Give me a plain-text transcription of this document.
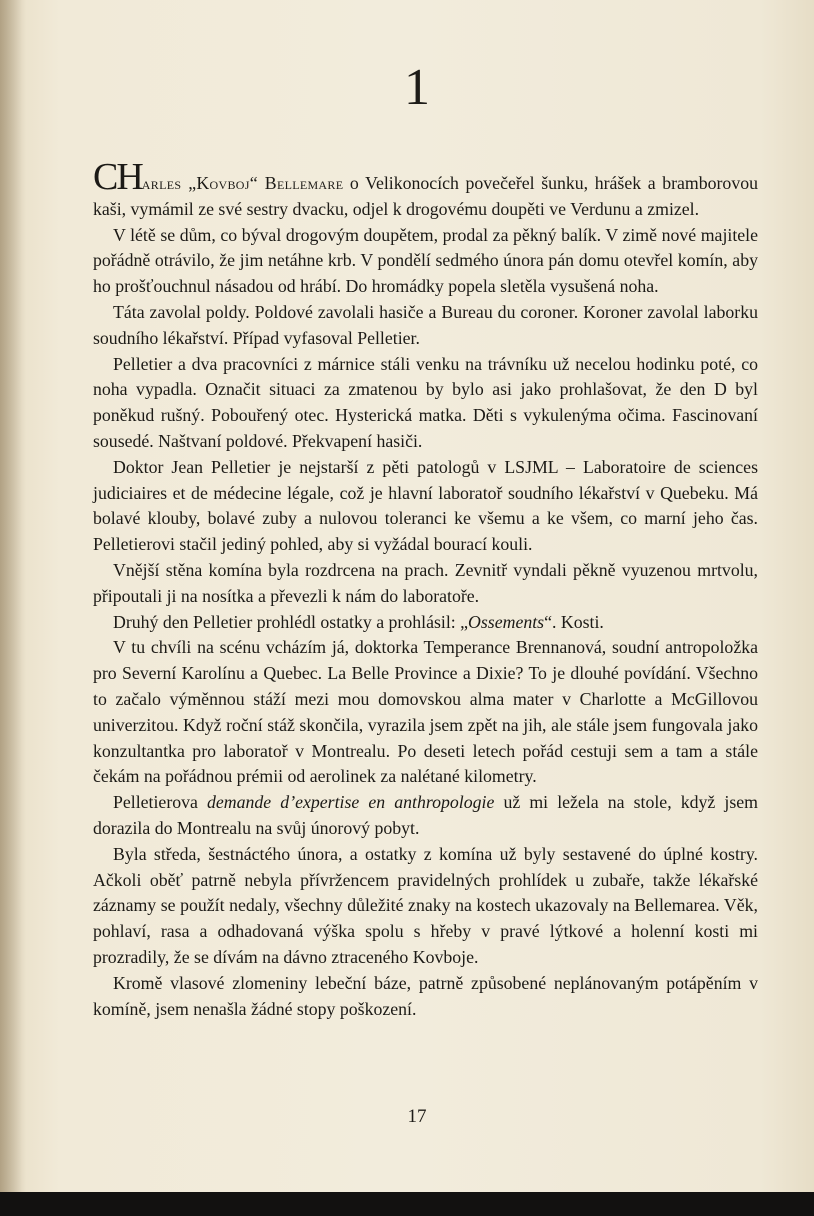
1

CHarles „Kovboj“ Bellemare o Velikonocích povečeřel šunku, hrášek a bramborovou kaši, vymámil ze své sestry dvacku, odjel k drogovému doupěti ve Verdunu a zmizel.

V létě se dům, co býval drogovým doupětem, prodal za pěkný balík. V zimě nové majitele pořádně otrávilo, že jim netáhne krb. V pondělí sedmého února pán domu otevřel komín, aby ho prošťouchnul násadou od hrábí. Do hromádky popela sletěla vysušená noha.

Táta zavolal poldy. Poldové zavolali hasiče a Bureau du coroner. Koroner zavolal laborku soudního lékařství. Případ vyfasoval Pelletier.

Pelletier a dva pracovníci z márnice stáli venku na trávníku už necelou hodinku poté, co noha vypadla. Označit situaci za zmatenou by bylo asi jako prohlašovat, že den D byl poněkud rušný. Pobouřený otec. Hysterická matka. Děti s vykulenýma očima. Fascinovaní sousedé. Naštvaní poldové. Překvapení hasiči.

Doktor Jean Pelletier je nejstarší z pěti patologů v LSJML – Laboratoire de sciences judiciaires et de médecine légale, což je hlavní laboratoř soudního lékařství v Quebeku. Má bolavé klouby, bolavé zuby a nulovou toleranci ke všemu a ke všem, co marní jeho čas. Pelletierovi stačil jediný pohled, aby si vyžádal bourací kouli.

Vnější stěna komína byla rozdrcena na prach. Zevnitř vyndali pěkně vyuzenou mrtvolu, připoutali ji na nosítka a převezli k nám do laboratoře.

Druhý den Pelletier prohlédl ostatky a prohlásil: „Ossements“. Kosti.

V tu chvíli na scénu vcházím já, doktorka Temperance Brennanová, soudní antropoložka pro Severní Karolínu a Quebec. La Belle Province a Dixie? To je dlouhé povídání. Všechno to začalo výměnnou stáží mezi mou domovskou alma mater v Charlotte a McGillovou univerzitou. Když roční stáž skončila, vyrazila jsem zpět na jih, ale stále jsem fungovala jako konzultantka pro laboratoř v Montrealu. Po deseti letech pořád cestuji sem a tam a stále čekám na pořádnou prémii od aerolinek za nalétané kilometry.

Pelletierova demande d’expertise en anthropologie už mi ležela na stole, když jsem dorazila do Montrealu na svůj únorový pobyt.

Byla středa, šestnáctého února, a ostatky z komína už byly sestavené do úplné kostry. Ačkoli oběť patrně nebyla přívržencem pravidelných prohlídek u zubaře, takže lékařské záznamy se použít nedaly, všechny důležité znaky na kostech ukazovaly na Bellemarea. Věk, pohlaví, rasa a odhadovaná výška spolu s hřeby v pravé lýtkové a holenní kosti mi prozradily, že se dívám na dávno ztraceného Kovboje.

Kromě vlasové zlomeniny lebeční báze, patrně způsobené neplánovaným potápěním v komíně, jsem nenašla žádné stopy poškození.

17
